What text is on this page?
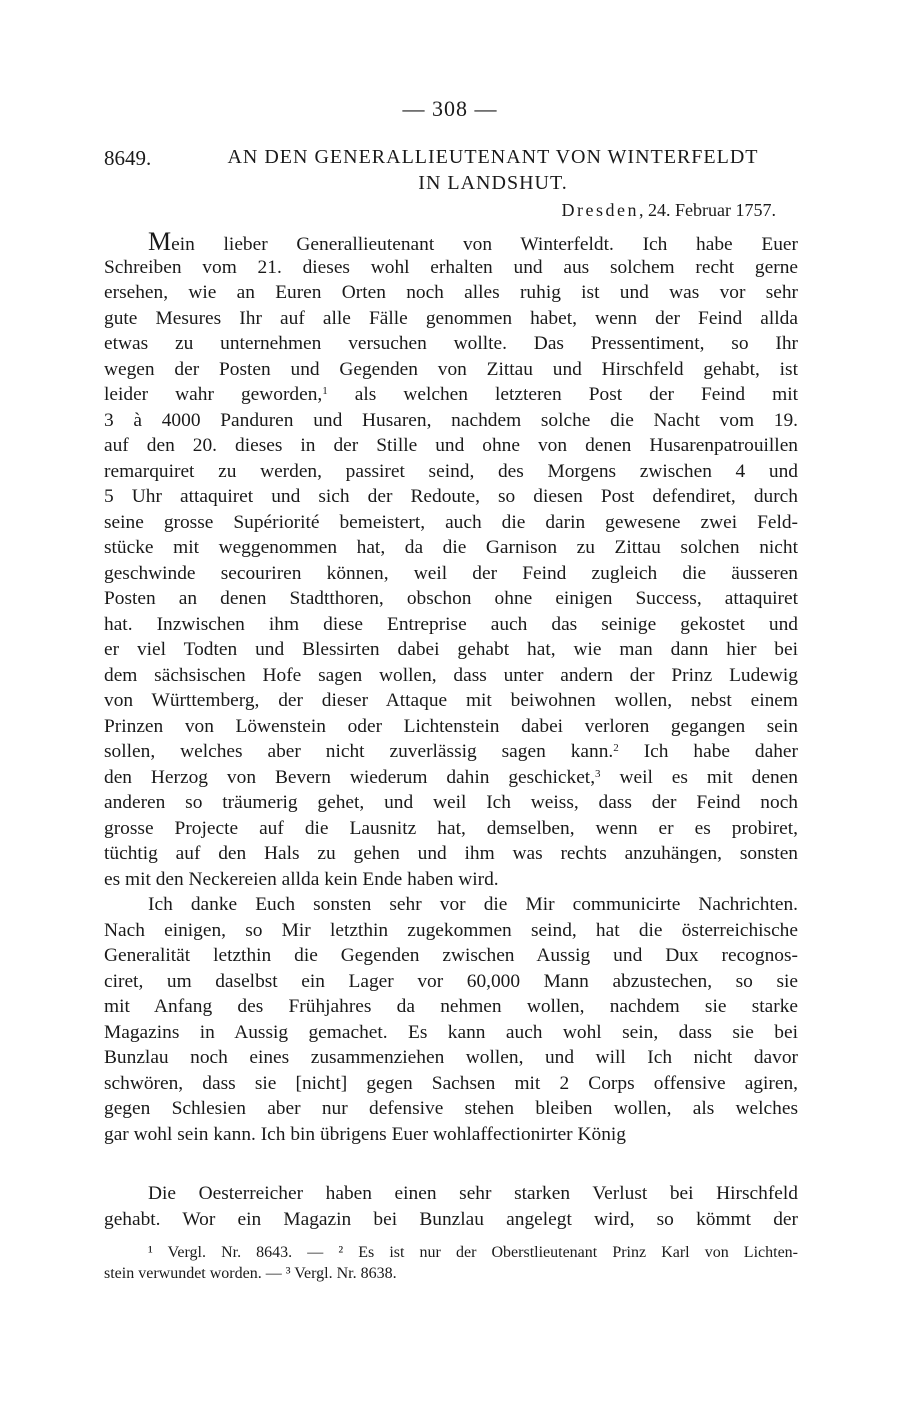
— 308 —
8649.	AN DEN GENERALLIEUTENANT VON WINTERFELDT
IN LANDSHUT.
Dresden, 24. Februar 1757.
Mein lieber Generallieutenant von Winterfeldt. Ich habe Euer
Schreiben vom 21. dieses wohl erhalten und aus solchem recht gerne
ersehen, wie an Euren Orten noch alles ruhig ist und was vor sehr
gute Mesures Ihr auf alle Fälle genommen habet, wenn der Feind allda
etwas zu unternehmen versuchen wollte. Das Pressentiment, so Ihr
wegen der Posten und Gegenden von Zittau und Hirschfeld gehabt, ist
leider wahr geworden,$^1$ als welchen letzteren Post der Feind mit
3 à 4000 Panduren und Husaren, nachdem solche die Nacht vom 19.
auf den 20. dieses in der Stille und ohne von denen Husarenpatrouillen
remarquiret zu werden, passiret seind, des Morgens zwischen 4 und
5 Uhr attaquiret und sich der Redoute, so diesen Post defendiret, durch
seine grosse Supériorité bemeistert, auch die darin gewesene zwei Feld-
stücke mit weggenommen hat, da die Garnison zu Zittau solchen nicht
geschwinde secouriren können, weil der Feind zugleich die äusseren
Posten an denen Stadtthoren, obschon ohne einigen Success, attaquiret
hat. Inzwischen ihm diese Entreprise auch das seinige gekostet und
er viel Todten und Blessirten dabei gehabt hat, wie man dann hier bei
dem sächsischen Hofe sagen wollen, dass unter andern der Prinz Ludewig
von Württemberg, der dieser Attaque mit beiwohnen wollen, nebst einem
Prinzen von Löwenstein oder Lichtenstein dabei verloren gegangen sein
sollen, welches aber nicht zuverlässig sagen kann.$^2$ Ich habe daher
den Herzog von Bevern wiederum dahin geschicket,$^3$ weil es mit denen
anderen so träumerig gehet, und weil Ich weiss, dass der Feind noch
grosse Projecte auf die Lausnitz hat, demselben, wenn er es probiret,
tüchtig auf den Hals zu gehen und ihm was rechts anzuhängen, sonsten
es mit den Neckereien allda kein Ende haben wird.
Ich danke Euch sonsten sehr vor die Mir communicirte Nachrichten.
Nach einigen, so Mir letzthin zugekommen seind, hat die österreichische
Generalität letzthin die Gegenden zwischen Aussig und Dux recognos-
ciret, um daselbst ein Lager vor 60,000 Mann abzustechen, so sie
mit Anfang des Frühjahres da nehmen wollen, nachdem sie starke
Magazins in Aussig gemachet. Es kann auch wohl sein, dass sie bei
Bunzlau noch eines zusammenziehen wollen, und will Ich nicht davor
schwören, dass sie [nicht] gegen Sachsen mit 2 Corps offensive agiren,
gegen Schlesien aber nur defensive stehen bleiben wollen, als welches
gar wohl sein kann. Ich bin übrigens Euer wohlaffectionirter König
Die Oesterreicher haben einen sehr starken Verlust bei Hirschfeld
gehabt. Wor ein Magazin bei Bunzlau angelegt wird, so kömmt der
¹ Vergl. Nr. 8643. — ² Es ist nur der Oberstlieutenant Prinz Karl von Lichten-
stein verwundet worden. — ³ Vergl. Nr. 8638.
